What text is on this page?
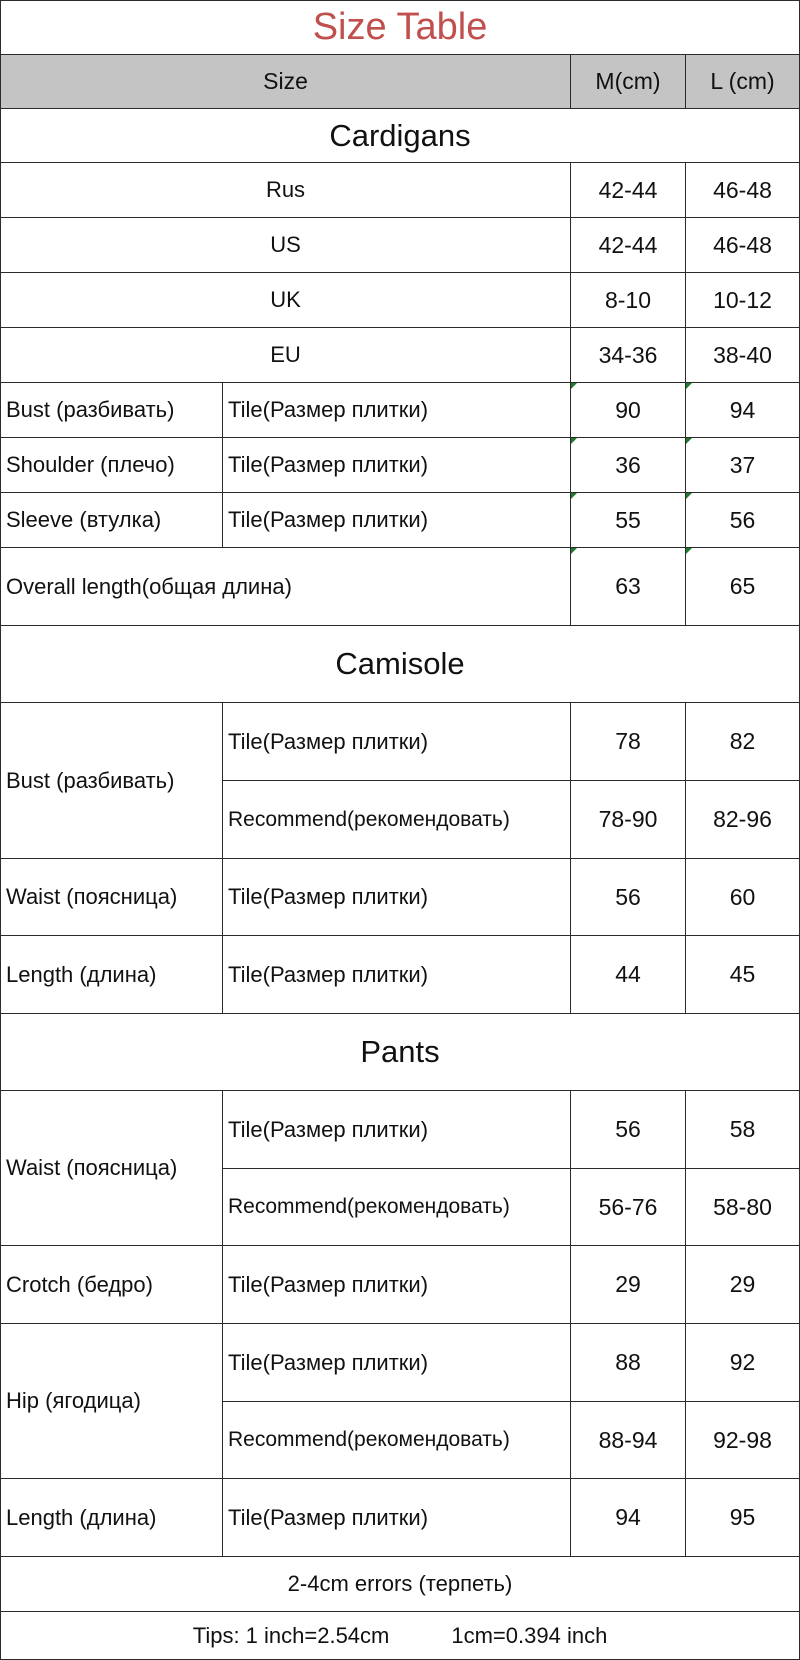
Size Table			
Size		M(cm)	L (cm)
Cardigans			
Rus		42-44	46-48
US		42-44	46-48
UK		8-10	10-12
EU		34-36	38-40
Bust (разбивать)	Tile(Размер плитки)	90	94
Shoulder (плечо)	Tile(Размер плитки)	36	37
Sleeve (втулка)	Tile(Размер плитки)	55	56
Overall length(общая длина)		63	65
Camisole			
Bust (разбивать)	Tile(Размер плитки)	78	82
	Recommend(рекомендовать)	78-90	82-96
Waist (поясница)	Tile(Размер плитки)	56	60
Length (длина)	Tile(Размер плитки)	44	45
Pants			
Waist (поясница)	Tile(Размер плитки)	56	58
	Recommend(рекомендовать)	56-76	58-80
Crotch (бедро)	Tile(Размер плитки)	29	29
Hip (ягодица)	Tile(Размер плитки)	88	92
	Recommend(рекомендовать)	88-94	92-98
Length (длина)	Tile(Размер плитки)	94	95
2-4cm errors (терпеть)			
Tips: 1 inch=2.54cm 1cm=0.394 inch			
